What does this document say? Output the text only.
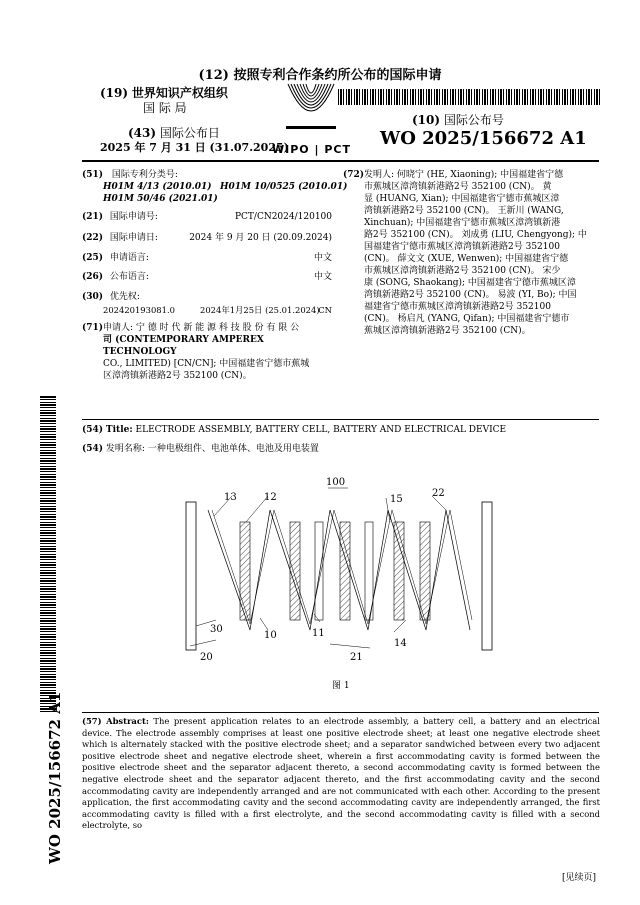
(12) 按照专利合作条约所公布的国际申请
(19) 世界知识产权组织
国 际 局
(43) 国际公布日
2025 年 7 月 31 日 (31.07.2025)
WIPO | PCT
(10) 国际公布号
WO 2025/156672 A1
(51) 国际专利分类号:
H01M 4/13 (2010.01) H01M 10/0525 (2010.01)
H01M 50/46 (2021.01)
(21) 国际申请号:	PCT/CN2024/120100
(22) 国际申请日:	2024 年 9 月 20 日 (20.09.2024)
(25) 申请语言:	中文
(26) 公布语言:	中文
(30) 优先权:
202420193081.0	2024年1月25日 (25.01.2024)
CN
(71) 申请人: 宁 德 时 代 新 能 源 科 技 股 份 有 限 公
司 (CONTEMPORARY AMPEREX TECHNOLOGY
CO., LIMITED) [CN/CN]; 中国福建省宁德市蕉城
区漳湾镇新港路2号 352100 (CN)。
(72) 发明人: 何晓宁 (HE, Xiaoning); 中国福建省宁德
市蕉城区漳湾镇新港路2号 352100 (CN)。 黄
显 (HUANG, Xian); 中国福建省宁德市蕉城区漳
湾镇新港路2号 352100 (CN)。 王新川 (WANG,
Xinchuan); 中国福建省宁德市蕉城区漳湾镇新港
路2号 352100 (CN)。 刘成勇 (LIU, Chengyong); 中
国福建省宁德市蕉城区漳湾镇新港路2号 352100
(CN)。 薛文文 (XUE, Wenwen); 中国福建省宁德
市蕉城区漳湾镇新港路2号 352100 (CN)。 宋少
康 (SONG, Shaokang); 中国福建省宁德市蕉城区漳
湾镇新港路2号 352100 (CN)。 易波 (YI, Bo); 中国
福建省宁德市蕉城区漳湾镇新港路2号 352100
(CN)。 杨启凡 (YANG, Qifan); 中国福建省宁德市
蕉城区漳湾镇新港路2号 352100 (CN)。
WO 2025/156672 A1
(54) Title: ELECTRODE ASSEMBLY, BATTERY CELL, BATTERY AND ELECTRICAL DEVICE
(54) 发明名称: 一种电极组件、电池单体、电池及用电装置
100
13	12	15
22
30
20
10	11
21
14
图 1
(57) Abstract: The present application relates to an electrode assembly, a battery cell, a battery and an electrical device. The electrode assembly comprises at least one positive electrode sheet; at least one negative electrode sheet which is alternately stacked with the positive electrode sheet; and a separator sandwiched between every two adjacent positive electrode sheet and negative electrode sheet, wherein a first accommodating cavity is formed between the positive electrode sheet and the separator adjacent thereto, a second accommodating cavity is formed between the negative electrode sheet and the separator adjacent thereto, and the first accommodating cavity and the second accommodating cavity are independently arranged and are not communicated with each other. According to the present application, the first accommodating cavity and the second accommodating cavity are independently arranged, the first accommodating cavity is filled with a first electrolyte, and the second accommodating cavity is filled with a second electrolyte, so
[见续页]
